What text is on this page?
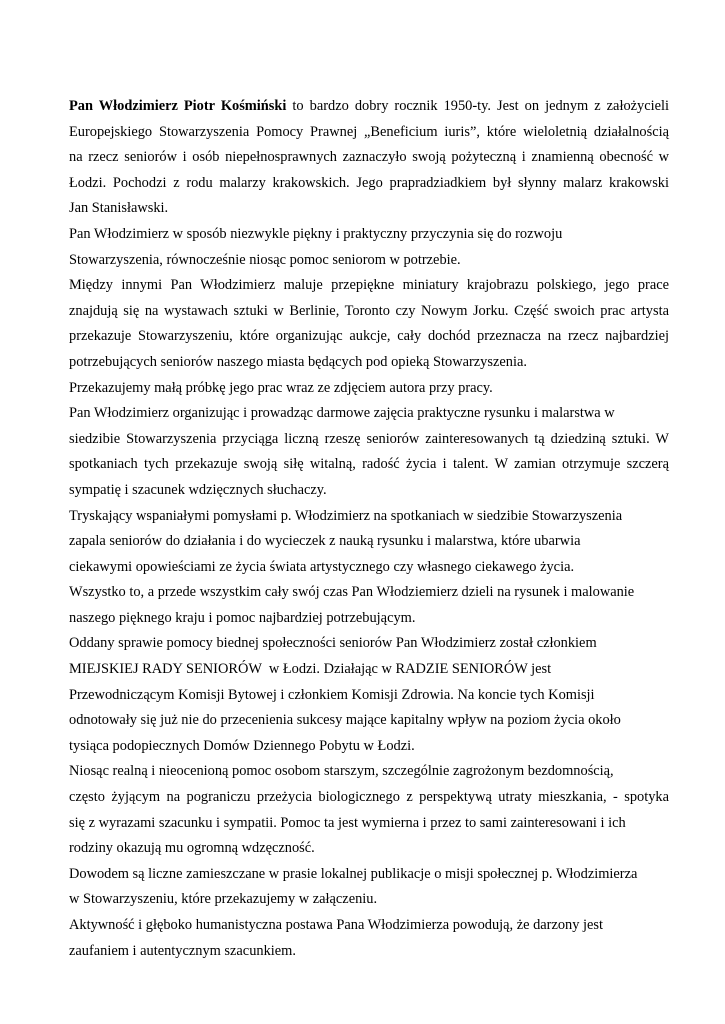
Pan Włodzimierz Piotr Kośmiński to bardzo dobry rocznik 1950-ty. Jest on jednym z założycieli
Europejskiego Stowarzyszenia Pomocy Prawnej „Beneficium iuris”, które wieloletnią działalnością
na rzecz seniorów i osób niepełnosprawnych zaznaczyło swoją pożyteczną i znamienną obecność w
Łodzi. Pochodzi z rodu malarzy krakowskich. Jego prapradziadkiem był słynny malarz krakowski
Jan Stanisławski.
Pan Włodzimierz w sposób niezwykle piękny i praktyczny przyczynia się do rozwoju
Stowarzyszenia, równocześnie niosąc pomoc seniorom w potrzebie.
Między innymi Pan Włodzimierz maluje przepiękne miniatury krajobrazu polskiego, jego prace
znajdują się na wystawach sztuki w Berlinie, Toronto czy Nowym Jorku. Część swoich prac artysta
przekazuje Stowarzyszeniu, które organizując aukcje, cały dochód przeznacza na rzecz najbardziej
potrzebujących seniorów naszego miasta będących pod opieką Stowarzyszenia.
Przekazujemy małą próbkę jego prac wraz ze zdjęciem autora przy pracy.
Pan Włodzimierz organizując i prowadząc darmowe zajęcia praktyczne rysunku i malarstwa w
siedzibie Stowarzyszenia przyciąga liczną rzeszę seniorów zainteresowanych tą dziedziną sztuki. W
spotkaniach tych przekazuje swoją siłę witalną, radość życia i talent. W zamian otrzymuje szczerą
sympatię i szacunek wdzięcznych słuchaczy.
Tryskający wspaniałymi pomysłami p. Włodzimierz na spotkaniach w siedzibie Stowarzyszenia
zapala seniorów do działania i do wycieczek z nauką rysunku i malarstwa, które ubarwia
ciekawymi opowieściami ze życia świata artystycznego czy własnego ciekawego życia.
Wszystko to, a przede wszystkim cały swój czas Pan Włodziemierz dzieli na rysunek i malowanie
naszego pięknego kraju i pomoc najbardziej potrzebującym.
Oddany sprawie pomocy biednej społeczności seniorów Pan Włodzimierz został członkiem
MIEJSKIEJ RADY SENIORÓW  w Łodzi. Działając w RADZIE SENIORÓW jest
Przewodniczącym Komisji Bytowej i członkiem Komisji Zdrowia. Na koncie tych Komisji
odnotowały się już nie do przecenienia sukcesy mające kapitalny wpływ na poziom życia około
tysiąca podopiecznych Domów Dziennego Pobytu w Łodzi.
Niosąc realną i nieocenioną pomoc osobom starszym, szczególnie zagrożonym bezdomnością,
często żyjącym na pograniczu przeżycia biologicznego z perspektywą utraty mieszkania, - spotyka
się z wyrazami szacunku i sympatii. Pomoc ta jest wymierna i przez to sami zainteresowani i ich
rodziny okazują mu ogromną wdzęczność.
Dowodem są liczne zamieszczane w prasie lokalnej publikacje o misji społecznej p. Włodzimierza
w Stowarzyszeniu, które przekazujemy w załączeniu.
Aktywność i głęboko humanistyczna postawa Pana Włodzimierza powodują, że darzony jest
zaufaniem i autentycznym szacunkiem.
